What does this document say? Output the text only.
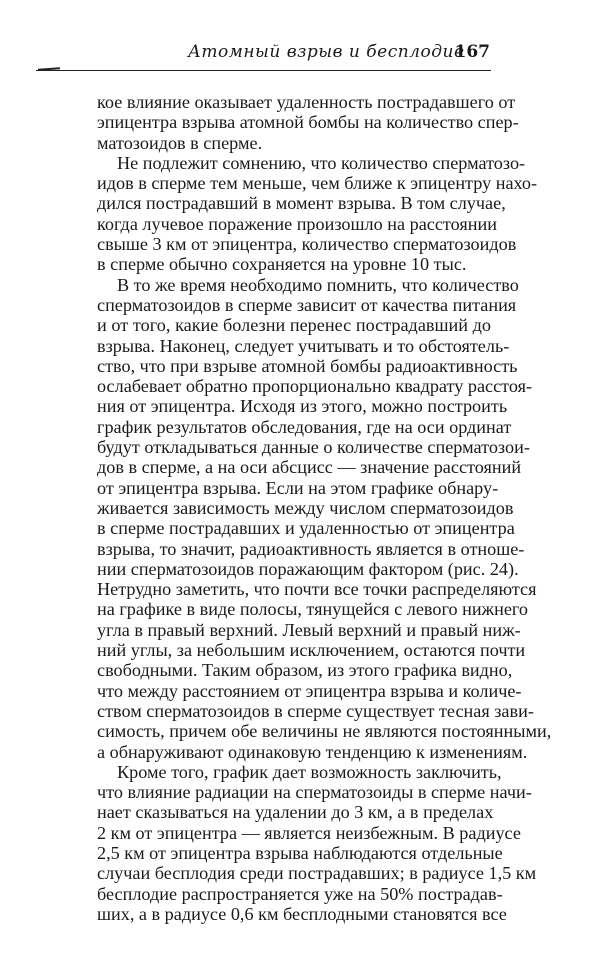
Атомный взрыв и бесплодие
167
кое влияние оказывает удаленность пострадавшего от
эпицентра взрыва атомной бомбы на количество спер-
матозоидов в сперме.
Не подлежит сомнению, что количество сперматозо-
идов в сперме тем меньше, чем ближе к эпицентру нахо-
дился пострадавший в момент взрыва. В том случае,
когда лучевое поражение произошло на расстоянии
свыше 3 км от эпицентра, количество сперматозоидов
в сперме обычно сохраняется на уровне 10 тыс.
В то же время необходимо помнить, что количество
сперматозоидов в сперме зависит от качества питания
и от того, какие болезни перенес пострадавший до
взрыва. Наконец, следует учитывать и то обстоятель-
ство, что при взрыве атомной бомбы радиоактивность
ослабевает обратно пропорционально квадрату расстоя-
ния от эпицентра. Исходя из этого, можно построить
график результатов обследования, где на оси ординат
будут откладываться данные о количестве сперматозои-
дов в сперме, а на оси абсцисс — значение расстояний
от эпицентра взрыва. Если на этом графике обнару-
живается зависимость между числом сперматозоидов
в сперме пострадавших и удаленностью от эпицентра
взрыва, то значит, радиоактивность является в отноше-
нии сперматозоидов поражающим фактором (рис. 24).
Нетрудно заметить, что почти все точки распределяются
на графике в виде полосы, тянущейся с левого нижнего
угла в правый верхний. Левый верхний и правый ниж-
ний углы, за небольшим исключением, остаются почти
свободными. Таким образом, из этого графика видно,
что между расстоянием от эпицентра взрыва и количе-
ством сперматозоидов в сперме существует тесная зави-
симость, причем обе величины не являются постоянными,
а обнаруживают одинаковую тенденцию к изменениям.
Кроме того, график дает возможность заключить,
что влияние радиации на сперматозоиды в сперме начи-
нает сказываться на удалении до 3 км, а в пределах
2 км от эпицентра — является неизбежным. В радиусе
2,5 км от эпицентра взрыва наблюдаются отдельные
случаи бесплодия среди пострадавших; в радиусе 1,5 км
бесплодие распространяется уже на 50% пострадав-
ших, а в радиусе 0,6 км бесплодными становятся все
